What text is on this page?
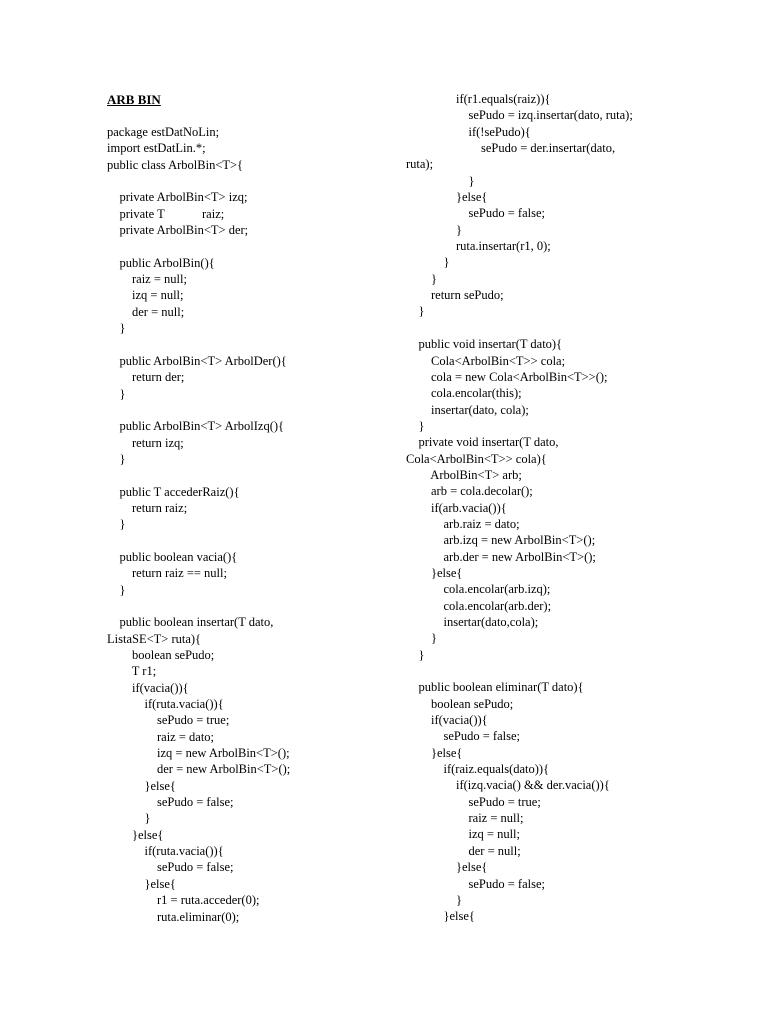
ARB BIN
package estDatNoLin;
import estDatLin.*;
public class ArbolBin<T>{
private ArbolBin<T> izq;
private T            raiz;
private ArbolBin<T> der;
public ArbolBin(){
raiz = null;
izq = null;
der = null;
}
public ArbolBin<T> ArbolDer(){
return der;
}
public ArbolBin<T> ArbolIzq(){
return izq;
}
public T accederRaiz(){
return raiz;
}
public boolean vacia(){
return raiz == null;
}
public boolean insertar(T dato,
ListaSE<T> ruta){
boolean sePudo;
T r1;
if(vacia()){
if(ruta.vacia()){
sePudo = true;
raiz = dato;
izq = new ArbolBin<T>();
der = new ArbolBin<T>();
}else{
sePudo = false;
}
}else{
if(ruta.vacia()){
sePudo = false;
}else{
r1 = ruta.acceder(0);
ruta.eliminar(0);
if(r1.equals(raiz)){
sePudo = izq.insertar(dato, ruta);
if(!sePudo){
sePudo = der.insertar(dato,
ruta);
}
}else{
sePudo = false;
}
ruta.insertar(r1, 0);
}
}
return sePudo;
}
public void insertar(T dato){
Cola<ArbolBin<T>> cola;
cola = new Cola<ArbolBin<T>>();
cola.encolar(this);
insertar(dato, cola);
}
private void insertar(T dato,
Cola<ArbolBin<T>> cola){
ArbolBin<T> arb;
arb = cola.decolar();
if(arb.vacia()){
arb.raiz = dato;
arb.izq = new ArbolBin<T>();
arb.der = new ArbolBin<T>();
}else{
cola.encolar(arb.izq);
cola.encolar(arb.der);
insertar(dato,cola);
}
}
public boolean eliminar(T dato){
boolean sePudo;
if(vacia()){
sePudo = false;
}else{
if(raiz.equals(dato)){
if(izq.vacia() && der.vacia()){
sePudo = true;
raiz = null;
izq = null;
der = null;
}else{
sePudo = false;
}
}else{
